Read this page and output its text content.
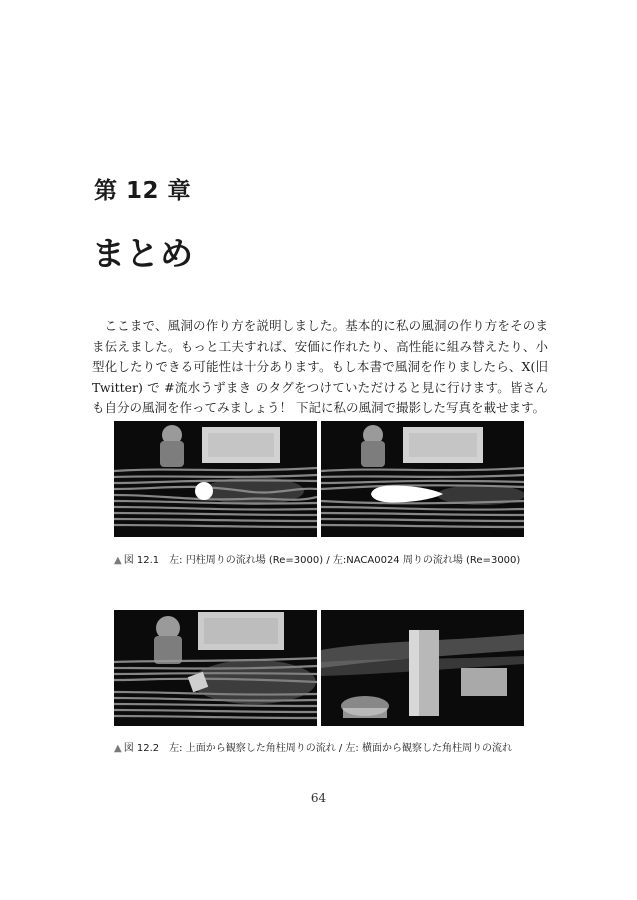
第 12 章
まとめ

ここまで、風洞の作り方を説明しました。基本的に私の風洞の作り方をそのまま伝えました。もっと工夫すれば、安価に作れたり、高性能に組み替えたり、小型化したりできる可能性は十分あります。もし本書で風洞を作りましたら、X(旧 Twitter) で #流水うずまき のタグをつけていただけると見に行けます。皆さんも自分の風洞を作ってみましょう！ 下記に私の風洞で撮影した写真を載せます。

▲ 図 12.1　左: 円柱周りの流れ場 (Re=3000) / 左:NACA0024 周りの流れ場 (Re=3000)
▲ 図 12.2　左: 上面から観察した角柱周りの流れ / 左: 横面から観察した角柱周りの流れ
64
